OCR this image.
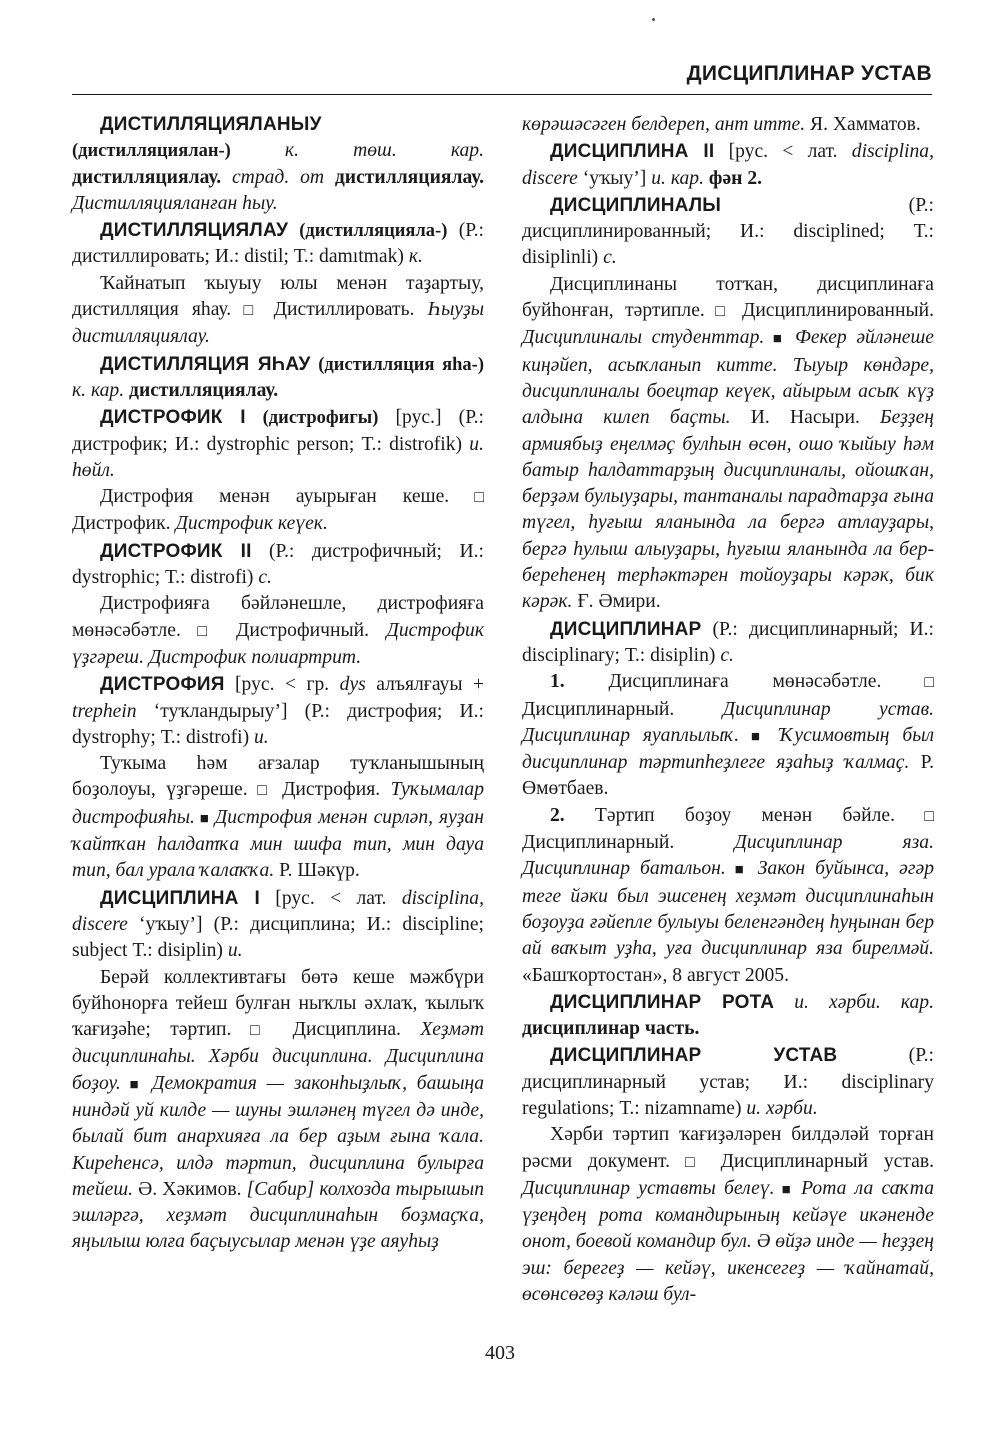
ДИСЦИПЛИНАР УСТАВ

ДИСТИЛЛЯЦИЯЛАНЫУ (дистилляциялан-) к. төш. кар. дистилляциялау. страд. от дистилляциялау. Дистилляцияланған һыу.

ДИСТИЛЛЯЦИЯЛАУ (дистилляцияла-) (Р.: дистиллировать; И.: distil; Т.: damıtmak) к.

Ҡайнатып ҡыуыу юлы менән таҙартыу, дистилляция яһау. □ Дистиллировать. Һыуҙы дистилляциялау.

ДИСТИЛЛЯЦИЯ ЯҺАУ (дистилляция яһа-) к. кар. дистилляциялау.

ДИСТРОФИК I (дистрофигы) [рус.] (Р.: дистрофик; И.: dystrophic person; Т.: distrofik) и. һөйл.

Дистрофия менән ауырыған кеше. □ Дистрофик. Дистрофик кеүек.

ДИСТРОФИК II (Р.: дистрофичный; И.: dystrophic; Т.: distrofi) с.

Дистрофияға бәйләнешле, дистрофияға мөнәсәбәтле. □ Дистрофичный. Дистрофик үҙгәреш. Дистрофик полиартрит.

ДИСТРОФИЯ [рус. < гр. dys алъялғауы + trephein ‘туҡландырыу’] (Р.: дистрофия; И.: dystrophy; Т.: distrofi) и.

Туҡыма һәм ағзалар туҡланышының боҙолоуы, үҙгәреше. □ Дистрофия. Туҡымалар дистрофияһы. ■ Дистрофия менән сирләп, яуҙан ҡайтҡан һалдатҡа мин шифа тип, мин дауа тип, бал урала ҡалаҡҡа. Р. Шәкүр.

ДИСЦИПЛИНА I [рус. < лат. disciplina, discere ‘уҡыу’] (Р.: дисциплина; И.: discipline; subject Т.: disiplin) и.

Берәй коллективтағы бөтә кеше мәжбүри буйһонорға тейеш булған ныҡлы әхлаҡ, ҡылыҡ ҡағиҙәһе; тәртип. □ Дисциплина. Хеҙмәт дисциплинаһы. Хәрби дисциплина. Дисциплина боҙоу. ■ Демократия — законһыҙлыҡ, башыңа ниндәй уй килде — шуны эшләнең түгел дә инде, былай бит анархияға ла бер аҙым ғына ҡала. Киреһенсә, илдә тәртип, дисциплина булырға тейеш. Ә. Хәкимов. [Сабир] колхозда тырышып эшләргә, хеҙмәт дисциплинаһын боҙмаҫҡа, яңылыш юлға баҫыусылар менән үҙе аяуһыҙ

көрәшәсәген белдереп, ант итте. Я. Хамматов.

ДИСЦИПЛИНА II [рус. < лат. disciplina, discere ‘уҡыу’] и. кар. фән 2.

ДИСЦИПЛИНАЛЫ (Р.: дисциплинированный; И.: disciplined; Т.: disiplinli) с.

Дисциплинаны тотҡан, дисциплинаға буйһонған, тәртипле. □ Дисциплинированный. Дисциплиналы студенттар. ■ Фекер әйләнеше киңәйеп, асыҡланып китте. Тыуыр көндәре, дисциплиналы боецтар кеүек, айырым асыҡ күҙ алдына килеп баҫты. И. Насыри. Беҙҙең армиябыҙ еңелмәҫ булһын өсөн, ошо ҡыйыу һәм батыр һалдаттарҙың дисциплиналы, ойошҡан, берҙәм булыуҙары, тантаналы парадтарҙа ғына түгел, һуғыш яланында ла бергә атлауҙары, бергә һулыш алыуҙары, һуғыш яланында ла бер-береһенең терһәктәрен тойоуҙары кәрәк, бик кәрәк. Ғ. Әмири.

ДИСЦИПЛИНАР (Р.: дисциплинарный; И.: disciplinary; Т.: disiplin) с.

1. Дисциплинаға мөнәсәбәтле. □ Дисциплинарный. Дисциплинар устав. Дисциплинар яуаплылыҡ. ■ Ҡусимовтың был дисциплинар тәртипһеҙлеге яҙаһыҙ ҡалмаҫ. Р. Өмөтбаев.

2. Тәртип боҙоу менән бәйле. □ Дисциплинарный. Дисциплинар яза. Дисциплинар батальон. ■ Закон буйынса, әгәр теге йәки был эшсенең хеҙмәт дисциплинаһын боҙоуҙа ғәйепле булыуы беленгәндең һуңынан бер ай ваҡыт уҙһа, уға дисциплинар яза бирелмәй. «Башҡортостан», 8 август 2005.

ДИСЦИПЛИНАР РОТА и. хәрби. кар. дисциплинар часть.

ДИСЦИПЛИНАР УСТАВ (Р.: дисциплинарный устав; И.: disciplinary regulations; Т.: nizamname) и. хәрби.

Хәрби тәртип ҡағиҙәләрен билдәләй торған рәсми документ. □ Дисциплинарный устав. Дисциплинар уставты белеү. ■ Рота ла саҡта үҙеңдең рота командирының кейәүе икәненде онот, боевой командир бул. Ә өйҙә инде — һеҙҙең эш: берегеҙ — кейәү, икенсегеҙ — ҡайнатай, өсөнсөгөҙ кәләш бул-

403
